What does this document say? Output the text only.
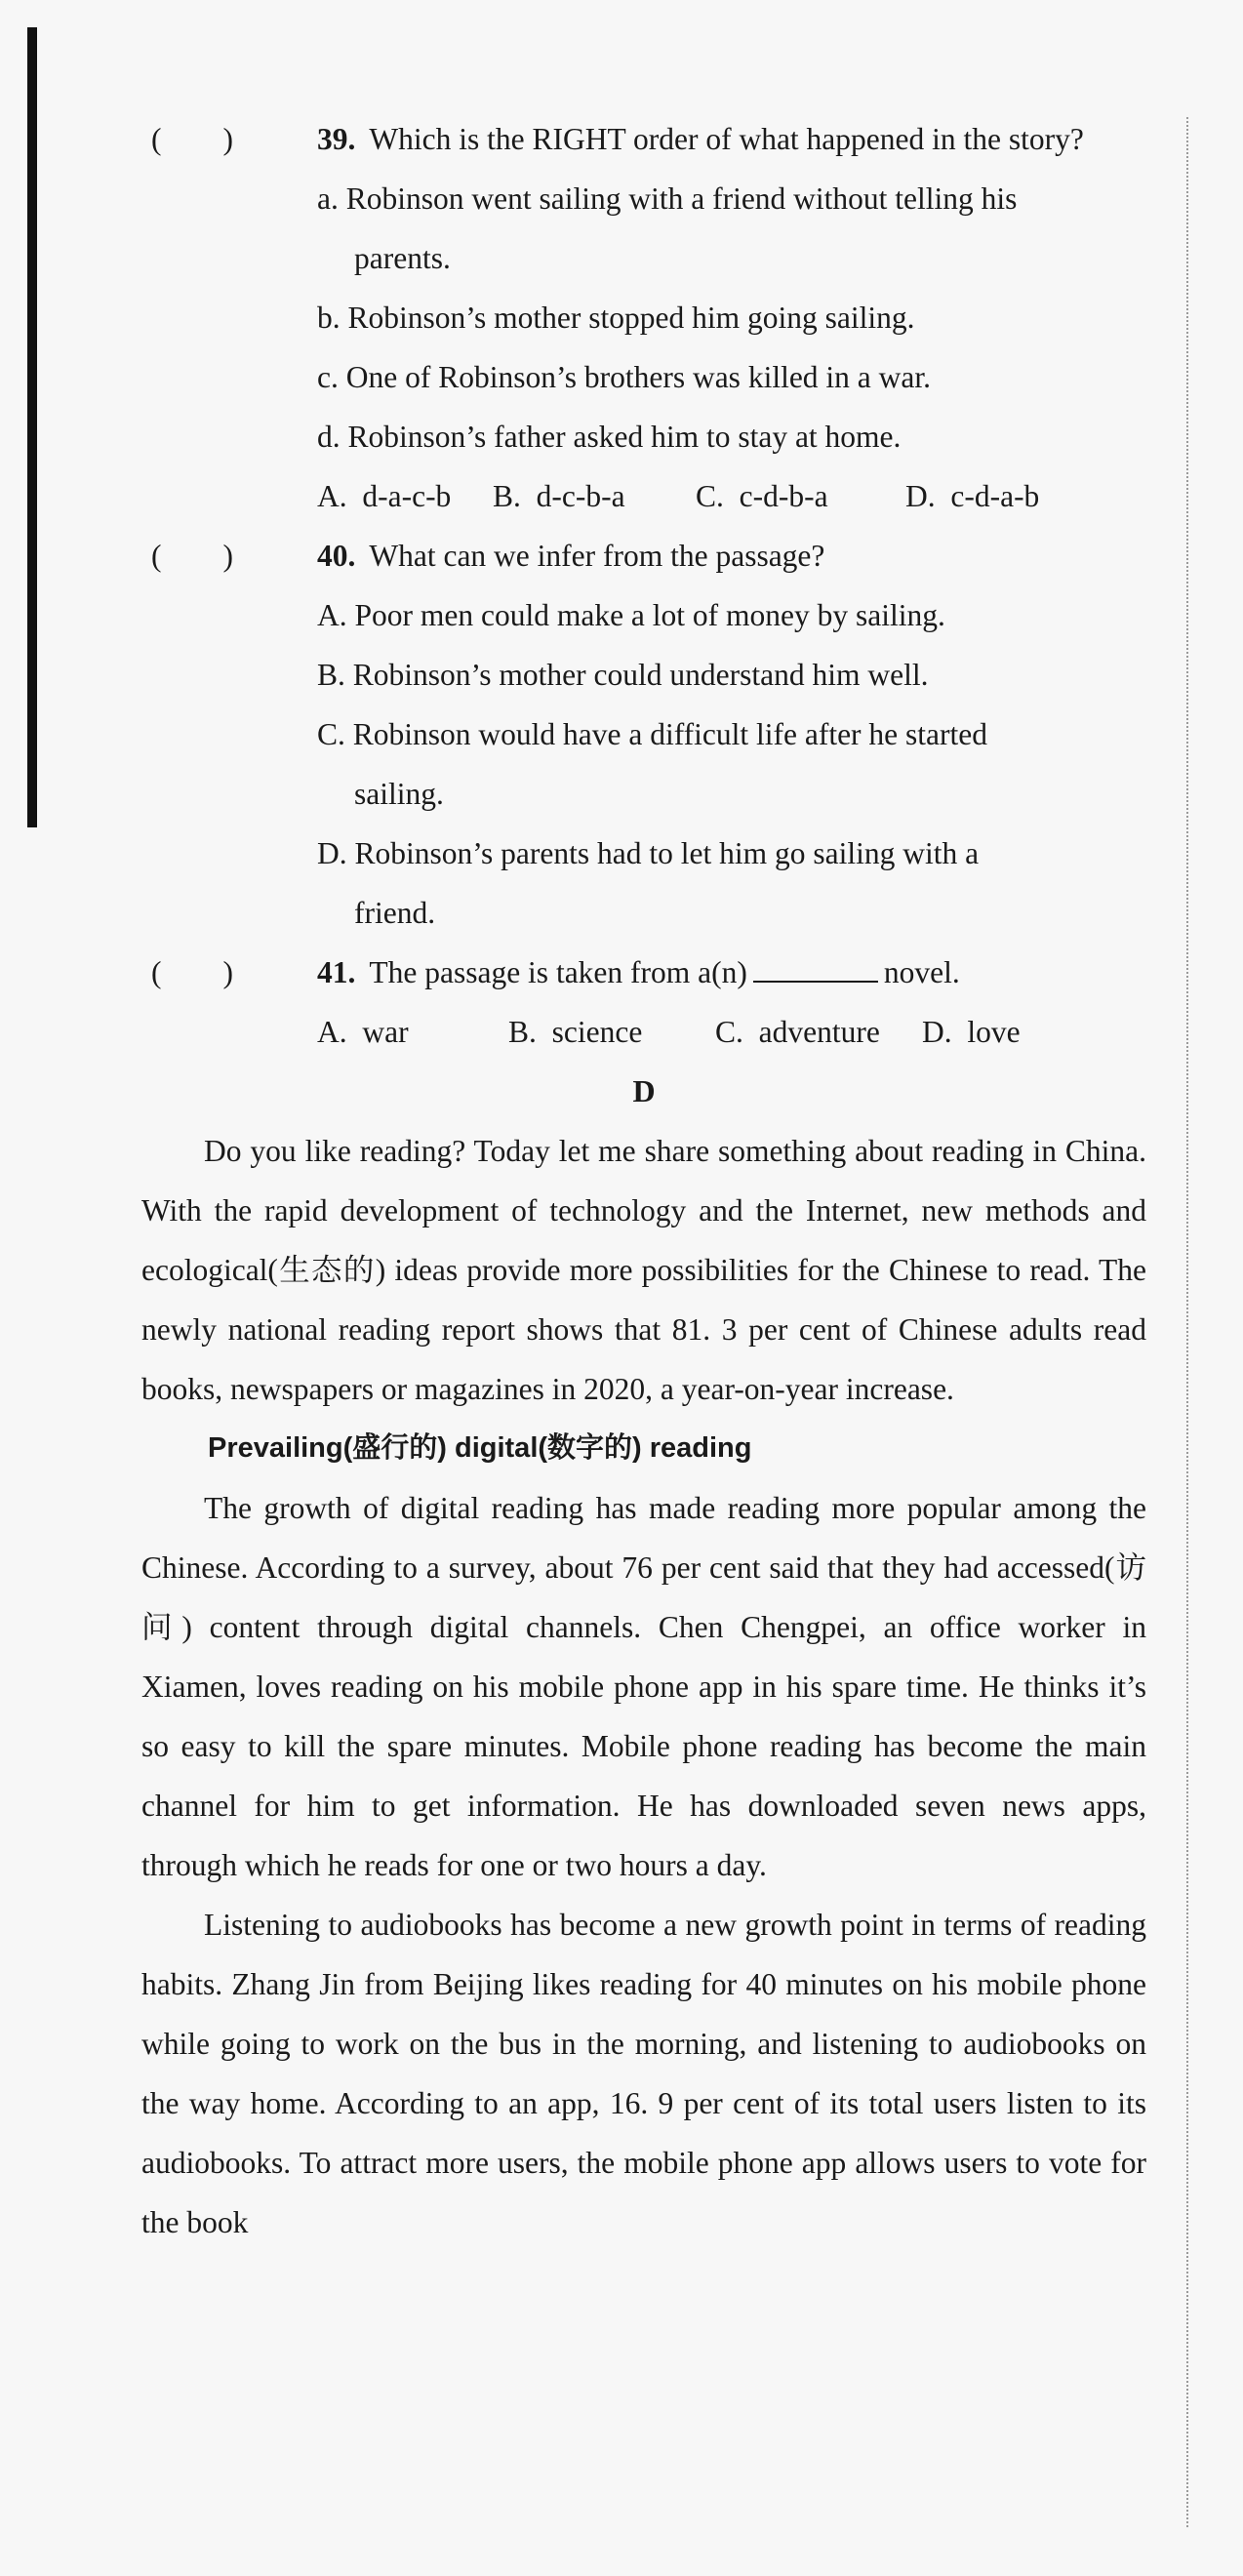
(        )	39. Which is the RIGHT order of what happened in the story?
a. Robinson went sailing with a friend without telling his
parents.
b. Robinson’s mother stopped him going sailing.
c. One of Robinson’s brothers was killed in a war.
d. Robinson’s father asked him to stay at home.
A.  d-a-c-b B.  d-c-b-a C.  c-d-b-a	D.  c-d-a-b
(        )	40. What can we infer from the passage?
A. Poor men could make a lot of money by sailing.
B. Robinson’s mother could understand him well.
C. Robinson would have a difficult life after he started
sailing.
D. Robinson’s parents had to let him go sailing with a
friend.
(        )	41. The passage is taken from a(n)	novel.
A.  war	B.  science C.  adventure D.  love
D
Do you like reading? Today let me share something about reading in China. With the rapid development of technology and the Internet, new methods and ecological(生态的) ideas provide more possibilities for the Chinese to read. The newly national reading report shows that 81. 3 per cent of Chinese adults read books, newspapers or magazines in 2020, a year-on-year increase.
Prevailing(盛行的) digital(数字的) reading
The growth of digital reading has made reading more popular among the Chinese. According to a survey, about 76 per cent said that they had accessed(访问) content through digital channels. Chen Chengpei, an office worker in Xiamen, loves reading on his mobile phone app in his spare time. He thinks it’s so easy to kill the spare minutes. Mobile phone reading has become the main channel for him to get information. He has downloaded seven news apps, through which he reads for one or two hours a day.
Listening to audiobooks has become a new growth point in terms of reading habits. Zhang Jin from Beijing likes reading for 40 minutes on his mobile phone while going to work on the bus in the morning, and listening to audiobooks on the way home. According to an app, 16. 9 per cent of its total users listen to its audiobooks. To attract more users, the mobile phone app allows users to vote for the book
